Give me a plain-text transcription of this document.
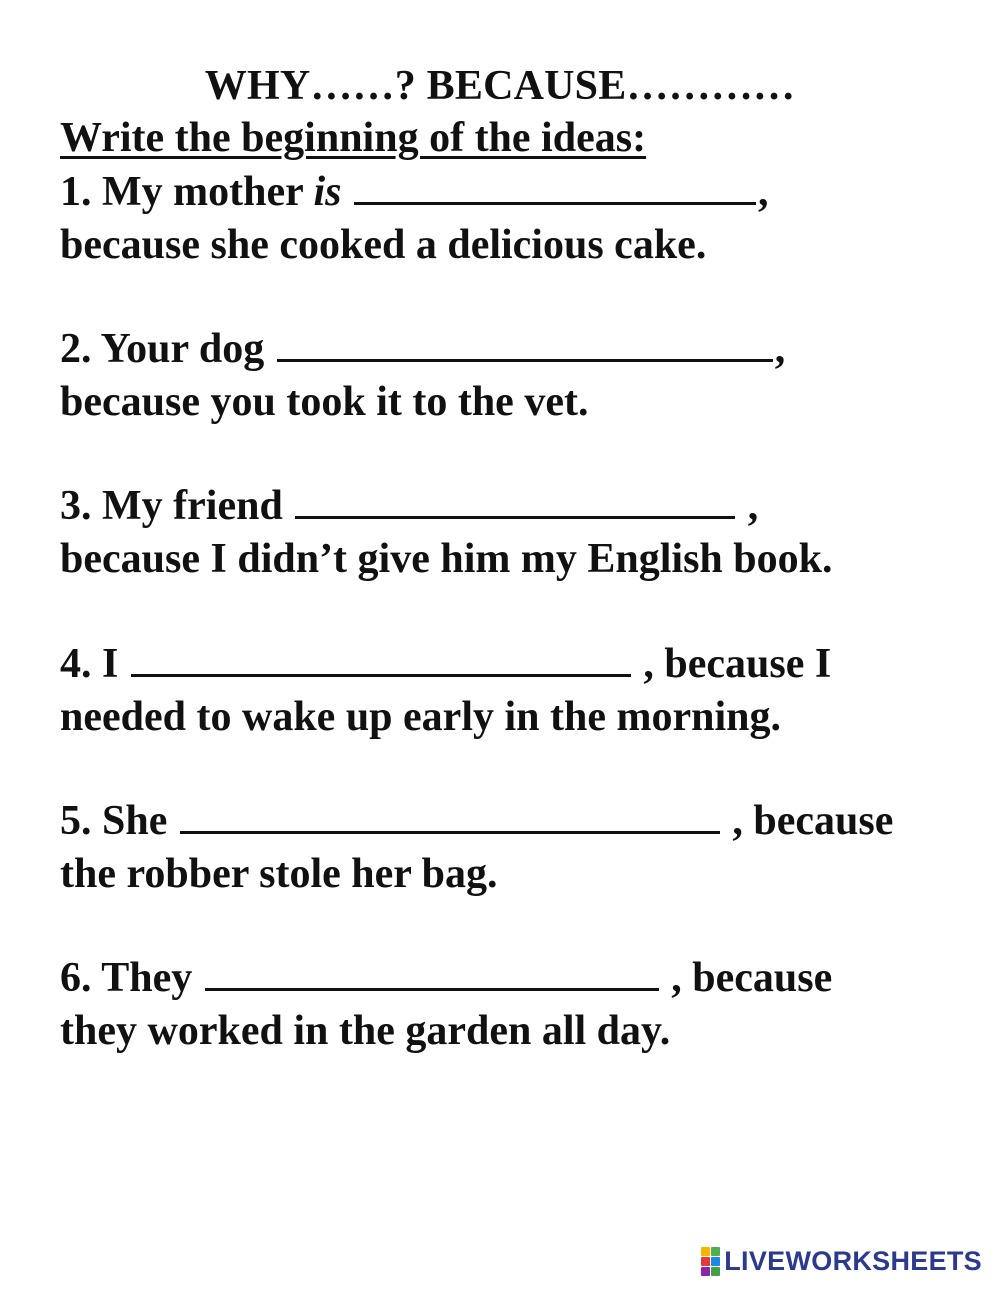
WHY……? BECAUSE…………
Write the beginning of the ideas:
1. My mother is	,
because she cooked a delicious cake.
2. Your dog	,
because you took it to the vet.
3. My friend	,
because I didn’t give him my English book.
4. I	, because I
needed to wake up early in the morning.
5. She	, because
the robber stole her bag.
6. They	, because
they worked in the garden all day.
LIVEWORKSHEETS
